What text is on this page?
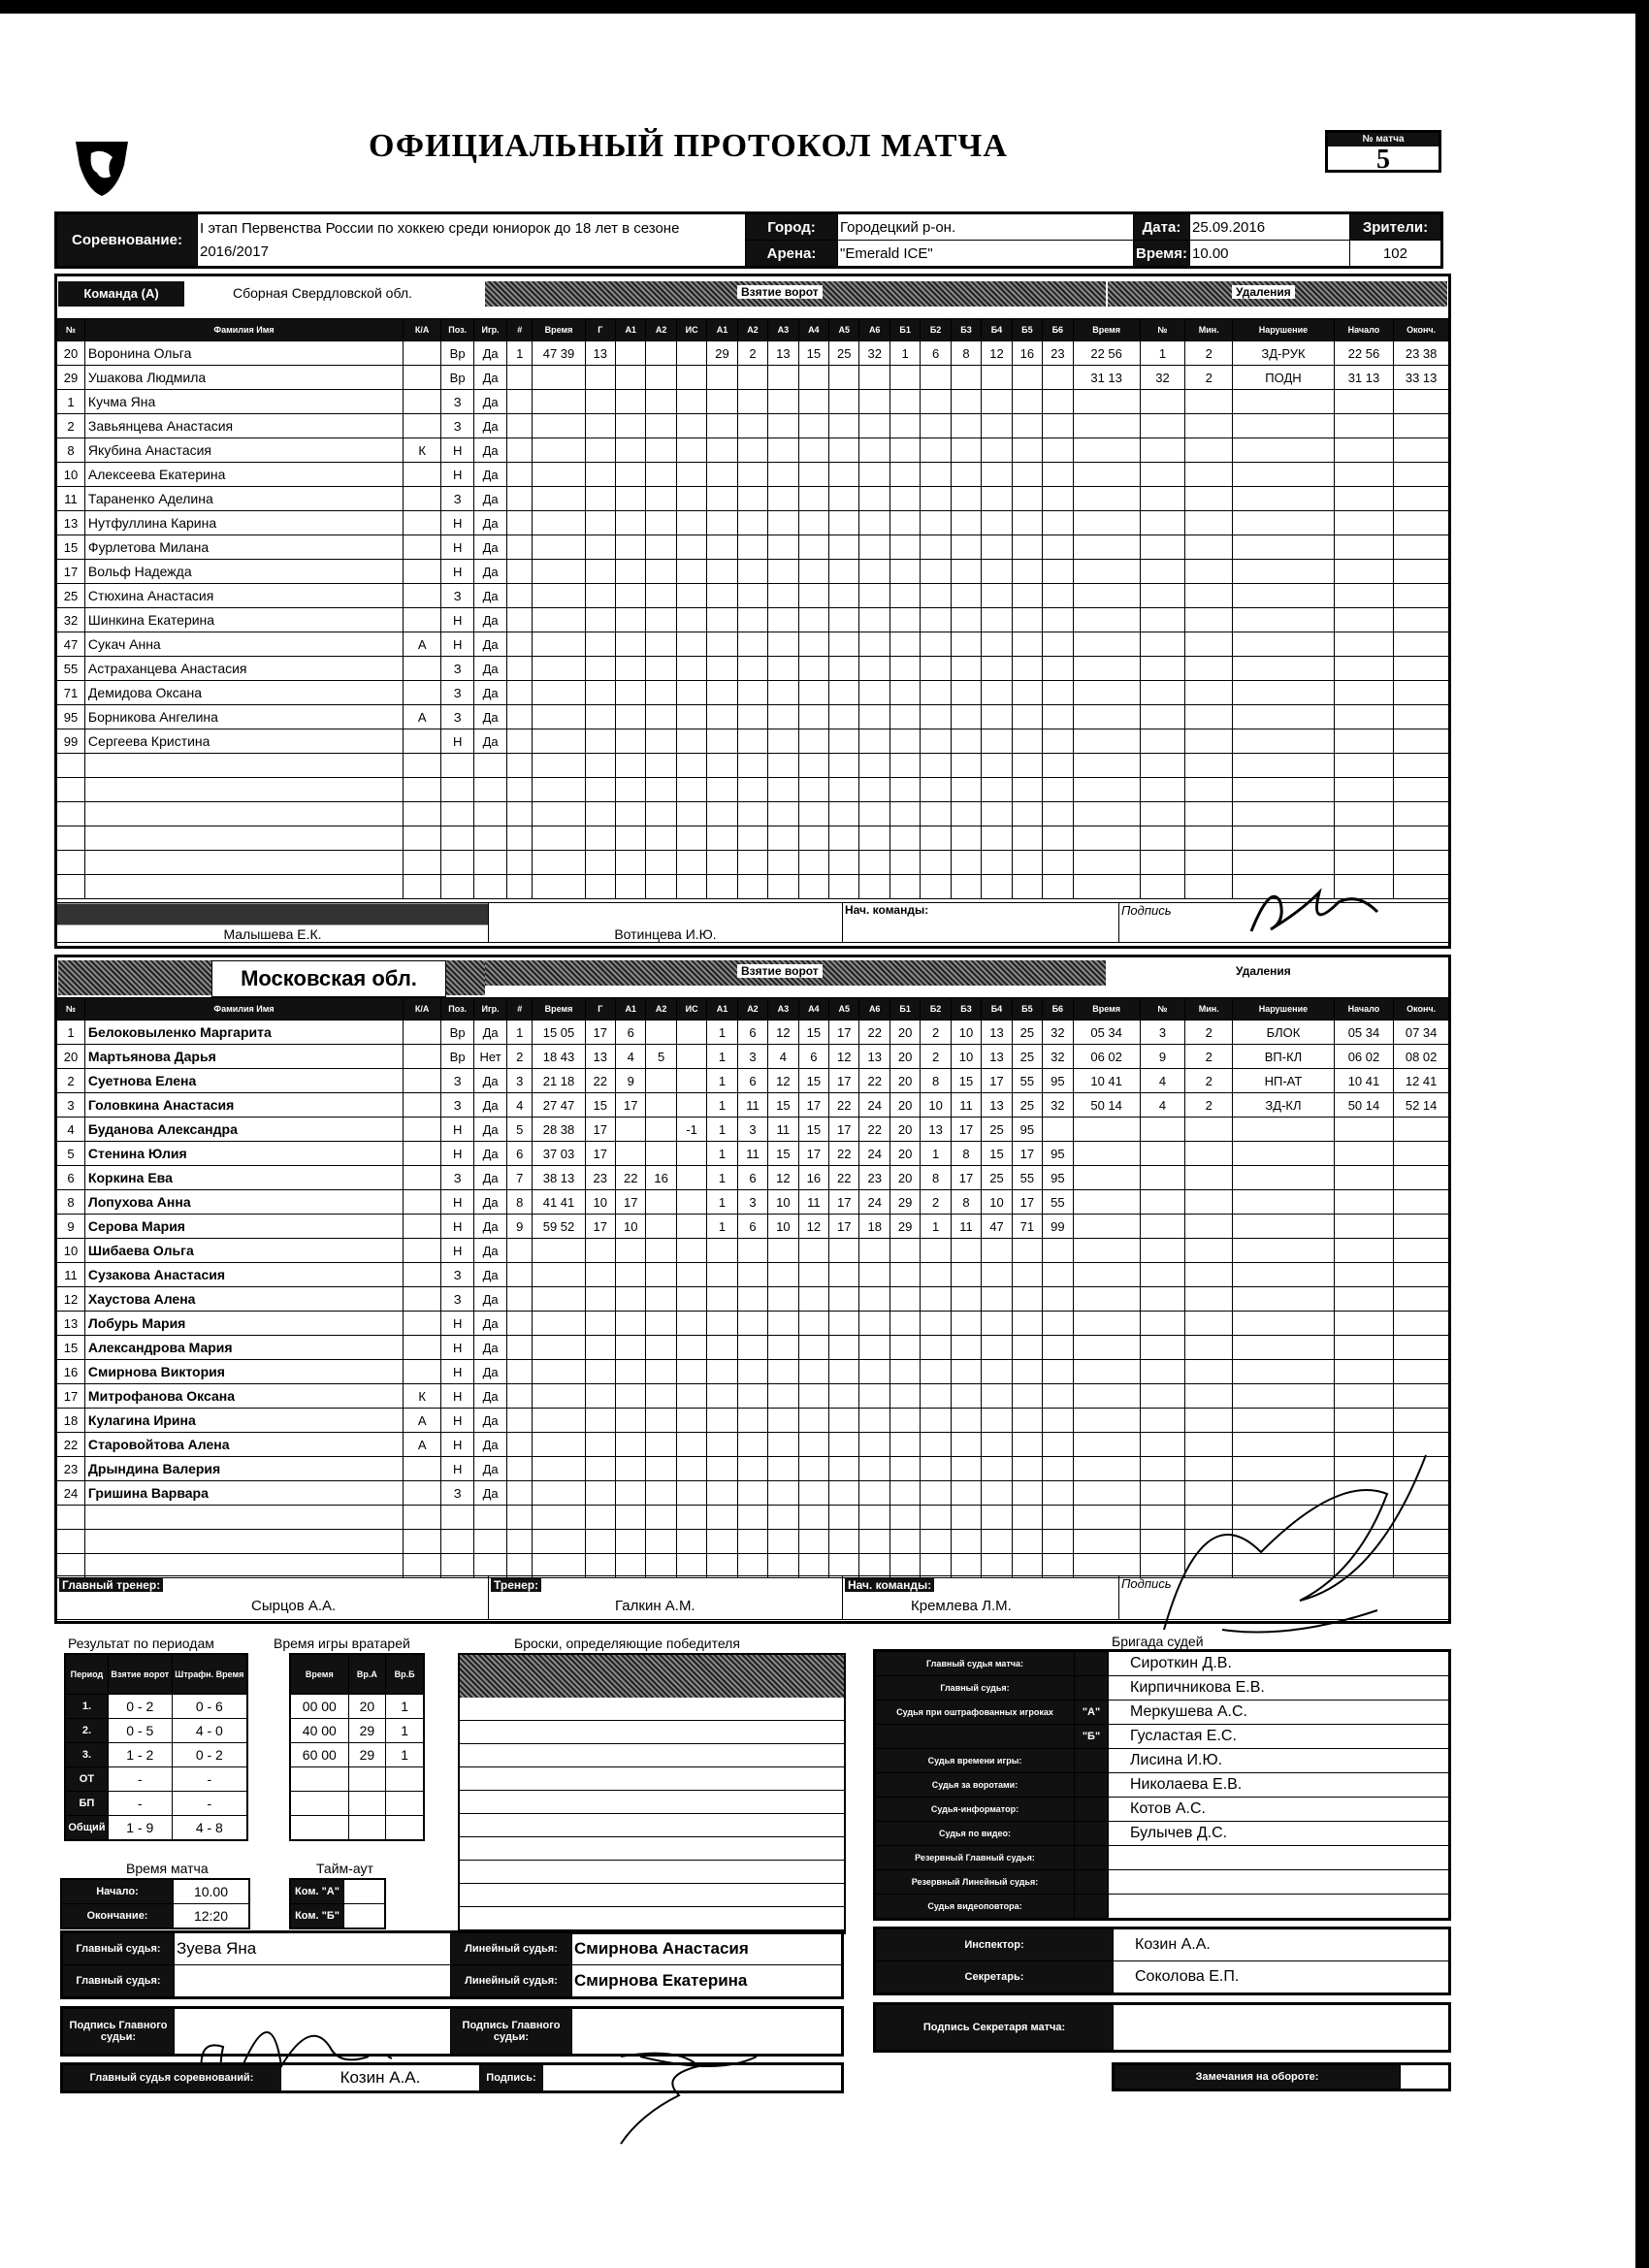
ОФИЦИАЛЬНЫЙ ПРОТОКОЛ МАТЧА	№ матча
5
Соревнование:	I этап Первенства России по хоккею среди юниорок до 18 лет в сезоне 2016/2017	Город:	Городецкий р-он.	Дата:	25.09.2016	Зрители:
		Арена:	"Emerald ICE"	Время:	10.00	102
Команда (А)	Сборная Свердловской обл.	Взятие ворот	Удаления
№	Фамилия Имя	К/А	Поз.	Игр.	#	Время	Г	А1	А2	ИС	А1	А2	А3	А4	А5	А6	Б1	Б2	Б3	Б4	Б5	Б6	Время	№	Мин.	Нарушение	Начало	Оконч.
20	Воронина Ольга		Вр	Да	1	47 39	13				29	2	13	15	25	32	1	6	8	12	16	23	22 56	1	2	ЗД-РУК	22 56	23 38
29	Ушакова Людмила		Вр	Да																			31 13	32	2	ПОДН	31 13	33 13
1	Кучма Яна		З	Да																								
2	Завьянцева Анастасия		З	Да																								
8	Якубина Анастасия	К	Н	Да																								
10	Алексеева Екатерина		Н	Да																								
11	Тараненко Аделина		З	Да																								
13	Нутфуллина Карина		Н	Да																								
15	Фурлетова Милана		Н	Да																								
17	Вольф Надежда		Н	Да																								
25	Стюхина Анастасия		З	Да																								
32	Шинкина Екатерина		Н	Да																								
47	Сукач Анна	А	Н	Да																								
55	Астраханцева Анастасия		З	Да																								
71	Демидова Оксана		З	Да																								
95	Борникова Ангелина	А	З	Да																								
99	Сергеева Кристина		Н	Да																								

Малышева Е.К.	Вотинцева И.Ю.	Нач. команды:	Подпись
Московская обл.	Взятие ворот	Удаления
№	Фамилия Имя	К/А	Поз.	Игр.	#	Время	Г	А1	А2	ИС	А1	А2	А3	А4	А5	А6	Б1	Б2	Б3	Б4	Б5	Б6	Время	№	Мин.	Нарушение	Начало	Оконч.
1	Белоковыленко Маргарита		Вр	Да	1	15 05	17	6			1	6	12	15	17	22	20	2	10	13	25	32	05 34	3	2	БЛОК	05 34	07 34
20	Мартьянова Дарья		Вр	Нет	2	18 43	13	4	5		1	3	4	6	12	13	20	2	10	13	25	32	06 02	9	2	ВП-КЛ	06 02	08 02
2	Суетнова Елена		З	Да	3	21 18	22	9			1	6	12	15	17	22	20	8	15	17	55	95	10 41	4	2	НП-АТ	10 41	12 41
3	Головкина Анастасия		З	Да	4	27 47	15	17			1	11	15	17	22	24	20	10	11	13	25	32	50 14	4	2	ЗД-КЛ	50 14	52 14
4	Буданова Александра		Н	Да	5	28 38	17			-1	1	3	11	15	17	22	20	13	17	25	95							
5	Стенина Юлия		Н	Да	6	37 03	17				1	11	15	17	22	24	20	1	8	15	17	95						
6	Коркина Ева		З	Да	7	38 13	23	22	16		1	6	12	16	22	23	20	8	17	25	55	95						
8	Лопухова Анна		Н	Да	8	41 41	10	17			1	3	10	11	17	24	29	2	8	10	17	55						
9	Серова Мария		Н	Да	9	59 52	17	10			1	6	10	12	17	18	29	1	11	47	71	99						
10	Шибаева Ольга		Н	Да																								
11	Сузакова Анастасия		З	Да																								
12	Хаустова Алена		З	Да																								
13	Лобурь Мария		Н	Да																								
15	Александрова Мария		Н	Да																								
16	Смирнова Виктория		Н	Да																								
17	Митрофанова Оксана	К	Н	Да																								
18	Кулагина Ирина	А	Н	Да																								
22	Старовойтова Алена	А	Н	Да																								
23	Дрындина Валерия		Н	Да																								
24	Гришина Варвара		З	Да																								

Главный тренер:
Сырцов А.А.
	Тренер:
Галкин А.М.
	Нач. команды:
Кремлева Л.М.
	Подпись
Результат по периодам
Период	Взятие ворот	Штрафн. Время
1.	0 - 2	0 - 6
2.	0 - 5	4 - 0
3.	1 - 2	0 - 2
ОТ	-	-
БП	-	-
Общий	1 - 9	4 - 8
Время игры вратарей
Время	Вр.А	Вр.Б
00 00	20	1
40 00	29	1
60 00	29	1

Броски, определяющие победителя
Время матча
Начало:	10.00
Окончание:	12:20
Тайм-аут
Ком. "А"	
Ком. "Б"	
Бригада судей
Главный судья матча:		Сироткин Д.В.
Главный судья:		Кирпичникова Е.В.
Судья при оштрафованных игроках	"А"	Меркушева А.С.
	"Б"	Гусластая Е.С.
Судья времени игры:		Лисина И.Ю.
Судья за воротами:		Николаева Е.В.
Судья-информатор:		Котов А.С.
Судья по видео:		Булычев Д.С.
Резервный Главный судья:		
Резервный Линейный судья:		
Судья видеоповтора:		
Главный судья:	Зуева Яна	Линейный судья:	Смирнова Анастасия
Главный судья:		Линейный судья:	Смирнова Екатерина
Подпись Главного судьи:		Подпись Главного судьи:	
Главный судья соревнований:	Козин А.А.	Подпись:	
Инспектор:	Козин А.А.
Секретарь:	Соколова Е.П.
Подпись Секретаря матча:	
Замечания на обороте:	
